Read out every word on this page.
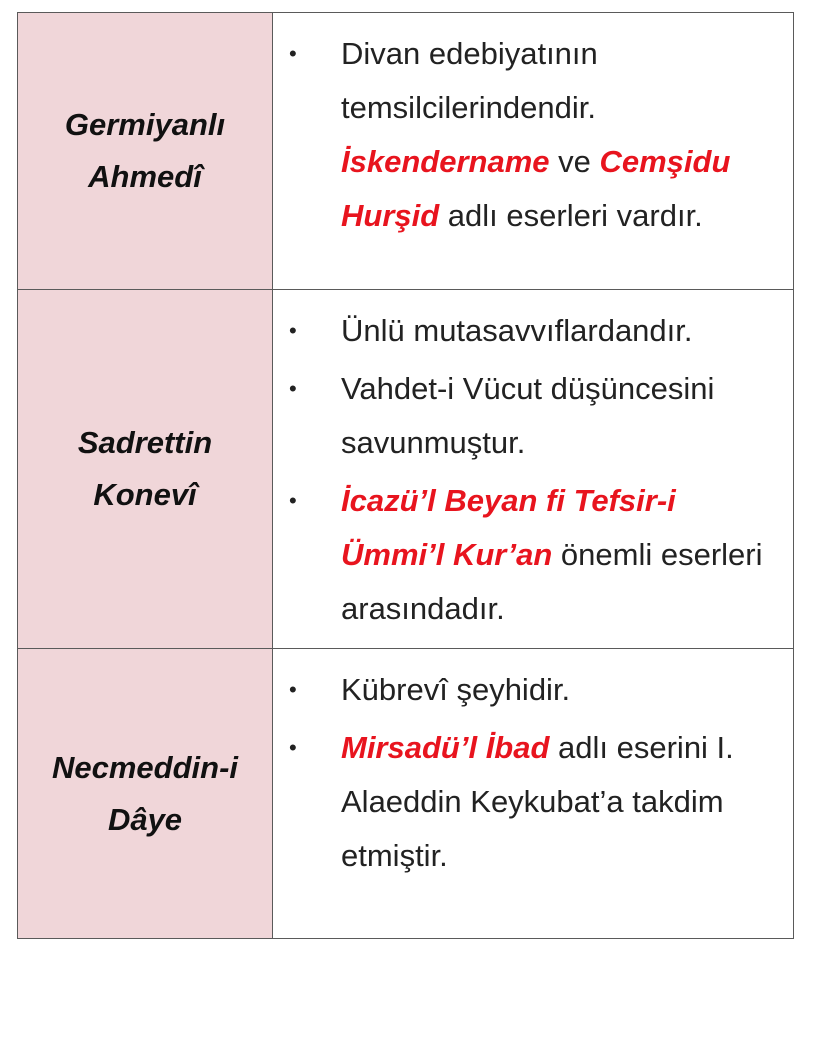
Germiyanlı
Ahmedî
•	Divan edebiyatının temsilcilerindendir. İskendername ve Cemşidu Hurşid adlı eserleri vardır.
Sadrettin
Konevî
•	Ünlü mutasavvıflardandır.
•	Vahdet-i Vücut düşüncesini savunmuştur.
•	İcazü’l Beyan fi Tefsir-i Ümmi’l Kur’an önemli eserleri arasındadır.
Necmeddin-i
Dâye
•	Kübrevî şeyhidir.
•	Mirsadü’l İbad adlı eserini I. Alaeddin Keykubat’a takdim etmiştir.
